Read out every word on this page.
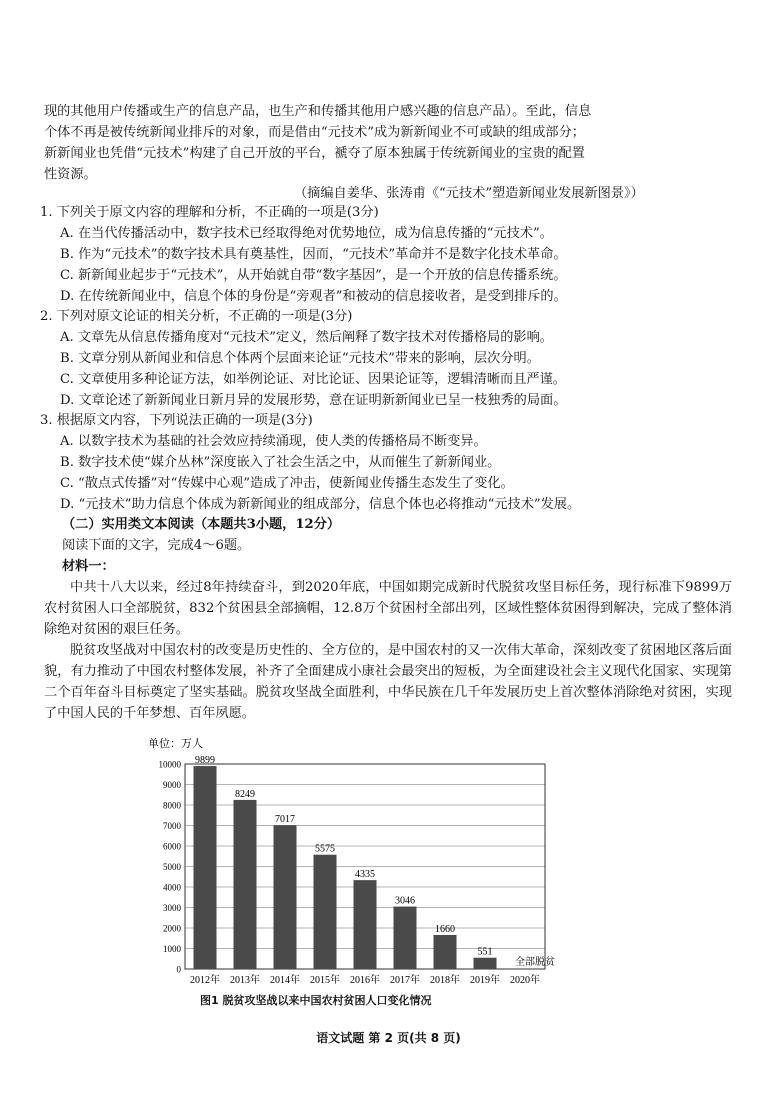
现的其他用户传播或生产的信息产品，也生产和传播其他用户感兴趣的信息产品）。至此，信息
个体不再是被传统新闻业排斥的对象，而是借由“元技术”成为新新闻业不可或缺的组成部分；
新新闻业也凭借“元技术”构建了自己开放的平台，褫夺了原本独属于传统新闻业的宝贵的配置
性资源。
（摘编自姜华、张涛甫《“元技术”塑造新闻业发展新图景》）
1. 下列关于原文内容的理解和分析，不正确的一项是(3分)
A. 在当代传播活动中，数字技术已经取得绝对优势地位，成为信息传播的“元技术”。
B. 作为“元技术”的数字技术具有奠基性，因而，“元技术”革命并不是数字化技术革命。
C. 新新闻业起步于“元技术”，从开始就自带“数字基因”，是一个开放的信息传播系统。
D. 在传统新闻业中，信息个体的身份是“旁观者”和被动的信息接收者，是受到排斥的。
2. 下列对原文论证的相关分析，不正确的一项是(3分)
A. 文章先从信息传播角度对“元技术”定义，然后阐释了数字技术对传播格局的影响。
B. 文章分别从新闻业和信息个体两个层面来论证“元技术”带来的影响，层次分明。
C. 文章使用多种论证方法，如举例论证、对比论证、因果论证等，逻辑清晰而且严谨。
D. 文章论述了新新闻业日新月异的发展形势，意在证明新新闻业已呈一枝独秀的局面。
3. 根据原文内容，下列说法正确的一项是(3分)
A. 以数字技术为基础的社会效应持续涌现，使人类的传播格局不断变异。
B. 数字技术使“媒介丛林”深度嵌入了社会生活之中，从而催生了新新闻业。
C. “散点式传播”对“传媒中心观”造成了冲击，使新闻业传播生态发生了变化。
D. “元技术”助力信息个体成为新新闻业的组成部分，信息个体也必将推动“元技术”发展。
（二）实用类文本阅读（本题共3小题，12分）
阅读下面的文字，完成4～6题。
材料一：
中共十八大以来，经过8年持续奋斗，到2020年底，中国如期完成新时代脱贫攻坚目标任务，现行标准下9899万农村贫困人口全部脱贫，832个贫困县全部摘帽，12.8万个贫困村全部出列，区域性整体贫困得到解决，完成了整体消除绝对贫困的艰巨任务。
脱贫攻坚战对中国农村的改变是历史性的、全方位的，是中国农村的又一次伟大革命，深刻改变了贫困地区落后面貌，有力推动了中国农村整体发展，补齐了全面建成小康社会最突出的短板，为全面建设社会主义现代化国家、实现第二个百年奋斗目标奠定了坚实基础。脱贫攻坚战全面胜利，中华民族在几千年发展历史上首次整体消除绝对贫困，实现了中国人民的千年梦想、百年夙愿。
单位：万人
0
1000
2000
3000
4000
5000
6000
7000
8000
9000
10000 9899
8249
7017
5575
4335
3046
1660
551
全部脱贫
2012年 2013年 2014年 2015年 2016年 2017年 2018年 2019年 2020年
图1 脱贫攻坚战以来中国农村贫困人口变化情况
语文试题 第 2 页(共 8 页)
